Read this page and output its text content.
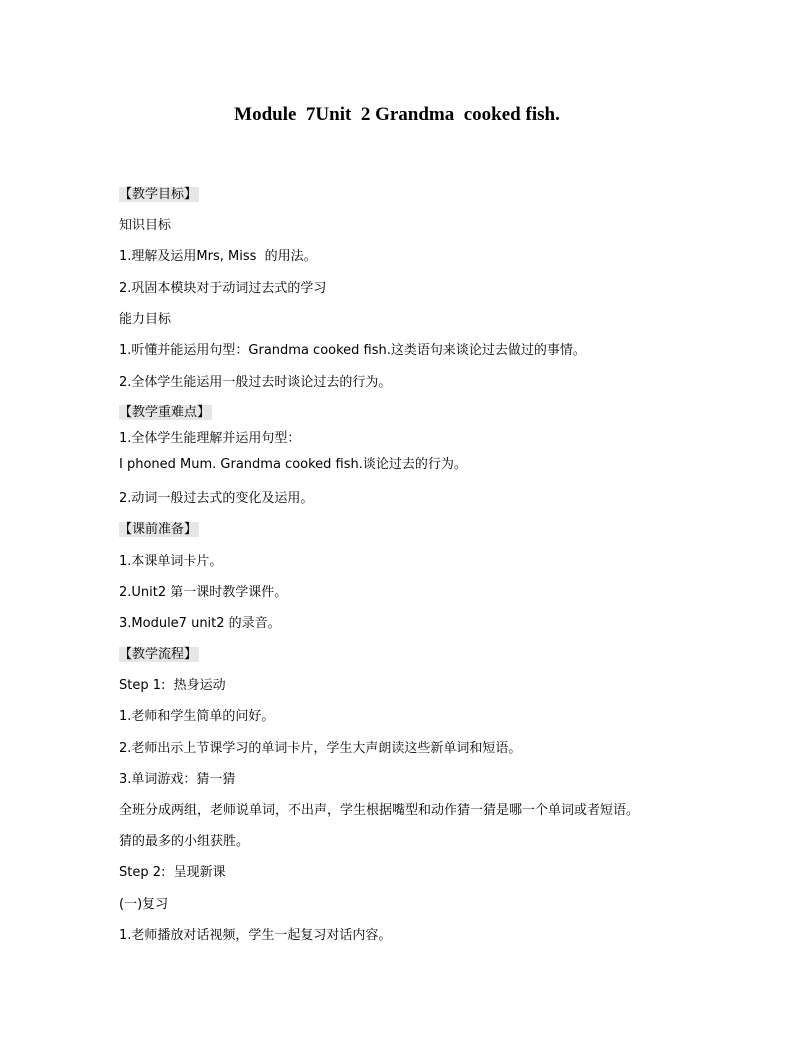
Module  7Unit  2 Grandma  cooked fish.
【教学目标】
知识目标
1.理解及运用Mrs, Miss  的用法。
2.巩固本模块对于动词过去式的学习
能力目标
1.听懂并能运用句型：Grandma cooked fish.这类语句来谈论过去做过的事情。
2.全体学生能运用一般过去时谈论过去的行为。
【教学重难点】
1.全体学生能理解并运用句型：
I phoned Mum. Grandma cooked fish.谈论过去的行为。
2.动词一般过去式的变化及运用。
【课前准备】
1.本课单词卡片。
2.Unit2 第一课时教学课件。
3.Module7 unit2 的录音。
【教学流程】
Step 1:  热身运动
1.老师和学生简单的问好。
2.老师出示上节课学习的单词卡片，学生大声朗读这些新单词和短语。
3.单词游戏：猜一猜
全班分成两组，老师说单词，不出声，学生根据嘴型和动作猜一猜是哪一个单词或者短语。
猜的最多的小组获胜。
Step 2:  呈现新课
(一)复习
1.老师播放对话视频，学生一起复习对话内容。
